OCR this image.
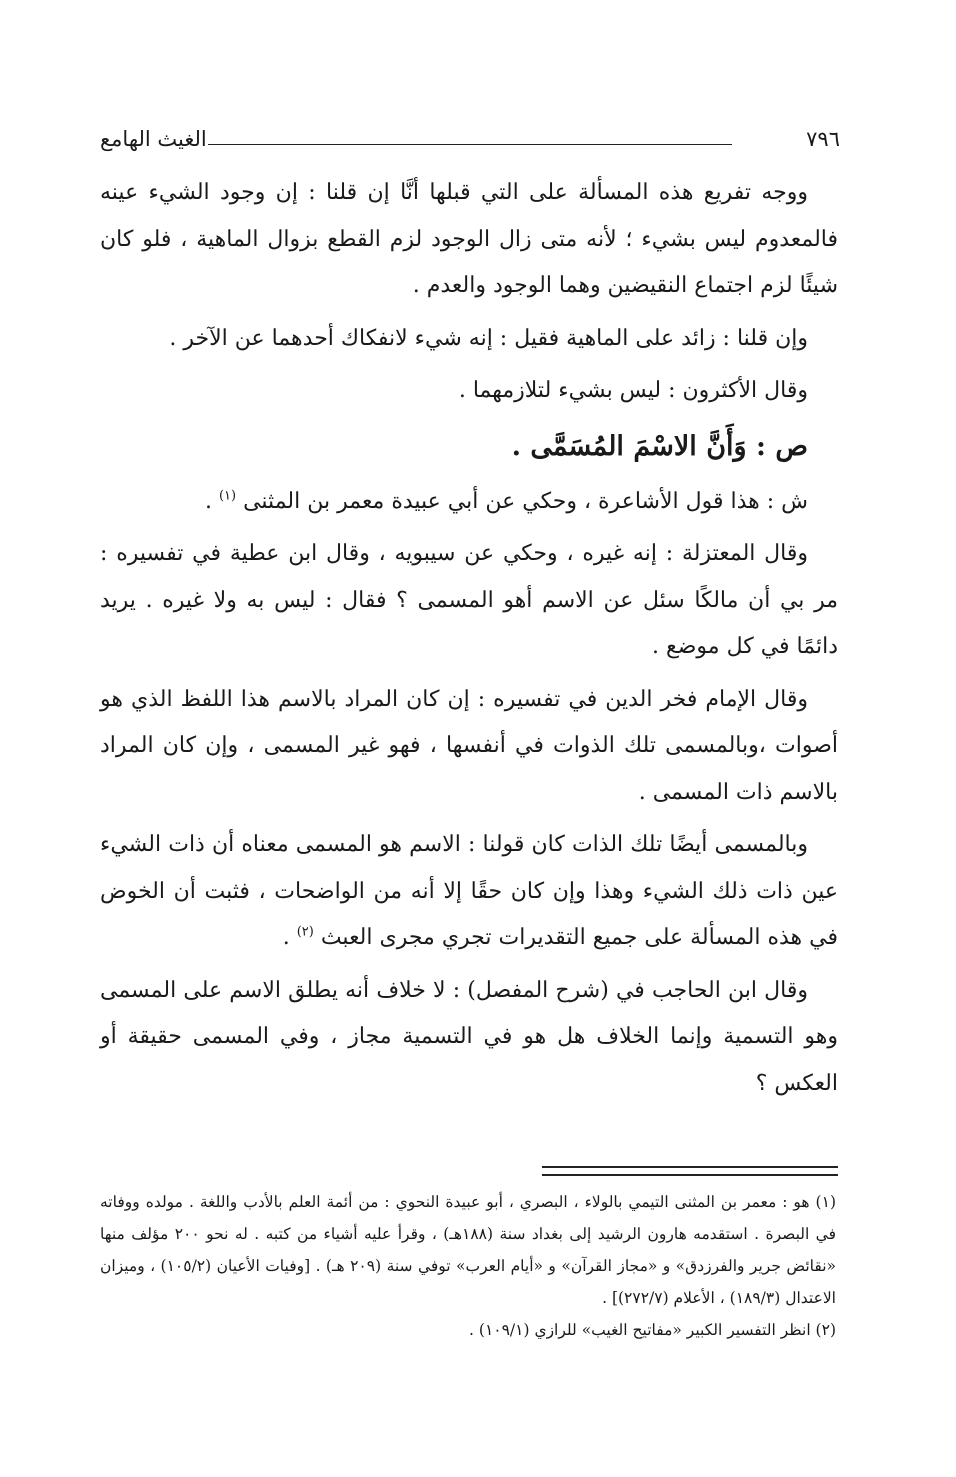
الغيث الهامع	٧٩٦

ووجه تفريع هذه المسألة على التي قبلها أنَّا إن قلنا : إن وجود الشيء عينه فالمعدوم ليس بشيء ؛ لأنه متى زال الوجود لزم القطع بزوال الماهية ، فلو كان شيئًا لزم اجتماع النقيضين وهما الوجود والعدم .

وإن قلنا : زائد على الماهية فقيل : إنه شيء لانفكاك أحدهما عن الآخر .

وقال الأكثرون : ليس بشيء لتلازمهما .

ص : وَأَنَّ الاسْمَ المُسَمَّى .

ش : هذا قول الأشاعرة ، وحكي عن أبي عبيدة معمر بن المثنى $^{(١)}$ .

وقال المعتزلة : إنه غيره ، وحكي عن سيبويه ، وقال ابن عطية في تفسيره : مر بي أن مالكًا سئل عن الاسم أهو المسمى ؟ فقال : ليس به ولا غيره . يريد دائمًا في كل موضع .

وقال الإمام فخر الدين في تفسيره : إن كان المراد بالاسم هذا اللفظ الذي هو أصوات ،وبالمسمى تلك الذوات في أنفسها ، فهو غير المسمى ، وإن كان المراد بالاسم ذات المسمى .

وبالمسمى أيضًا تلك الذات كان قولنا : الاسم هو المسمى معناه أن ذات الشيء عين ذات ذلك الشيء وهذا وإن كان حقًا إلا أنه من الواضحات ، فثبت أن الخوض في هذه المسألة على جميع التقديرات تجري مجرى العبث $^{(٢)}$ .

وقال ابن الحاجب في (شرح المفصل) : لا خلاف أنه يطلق الاسم على المسمى وهو التسمية وإنما الخلاف هل هو في التسمية مجاز ، وفي المسمى حقيقة أو العكس ؟

(١) هو : معمر بن المثنى التيمي بالولاء ، البصري ، أبو عبيدة النحوي : من أئمة العلم بالأدب واللغة . مولده ووفاته في البصرة . استقدمه هارون الرشيد إلى بغداد سنة (١٨٨هـ) ، وقرأ عليه أشياء من كتبه . له نحو ٢٠٠ مؤلف منها «نقائض جرير والفرزدق» و «مجاز القرآن» و «أيام العرب» توفي سنة (٢٠٩ هـ) . [وفيات الأعيان (١٠٥/٢) ، وميزان الاعتدال (١٨٩/٣) ، الأعلام (٢٧٢/٧)] .

(٢) انظر التفسير الكبير «مفاتيح الغيب» للرازي (١٠٩/١) .
